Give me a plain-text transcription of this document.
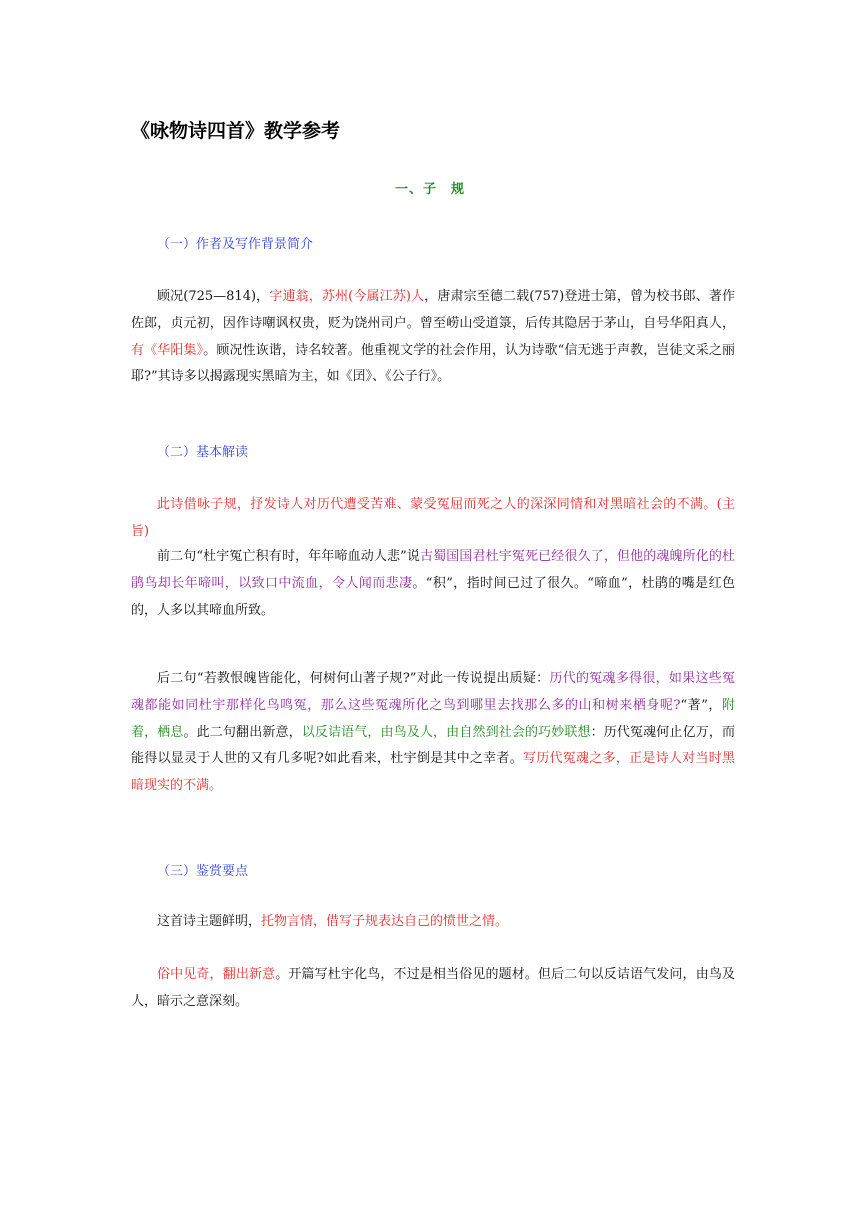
《咏物诗四首》教学参考
一、子　规
（一）作者及写作背景简介
顾况(725—814)，字逋翁，苏州(今属江苏)人，唐肃宗至德二载(757)登进士第，曾为校书郎、著作佐郎，贞元初，因作诗嘲讽权贵，贬为饶州司户。曾至崂山受道箓，后传其隐居于茅山，自号华阳真人，有《华阳集》。顾况性诙谐，诗名较著。他重视文学的社会作用，认为诗歌“信无逃于声教，岂徒文采之丽耶?”其诗多以揭露现实黑暗为主，如《囝》、《公子行》。
（二）基本解读
此诗借咏子规，抒发诗人对历代遭受苦难、蒙受冤屈而死之人的深深同情和对黑暗社会的不满。(主旨)
前二句“杜宇冤亡积有时，年年啼血动人悲”说古蜀国国君杜宇冤死已经很久了，但他的魂魄所化的杜鹃鸟却长年啼叫，以致口中流血，令人闻而悲凄。“积”，指时间已过了很久。“啼血”，杜鹃的嘴是红色的，人多以其啼血所致。
后二句“若教恨魄皆能化，何树何山著子规?”对此一传说提出质疑：历代的冤魂多得很，如果这些冤魂都能如同杜宇那样化鸟鸣冤，那么这些冤魂所化之鸟到哪里去找那么多的山和树来栖身呢?“著”，附着，栖息。此二句翻出新意，以反诘语气，由鸟及人，由自然到社会的巧妙联想：历代冤魂何止亿万，而能得以显灵于人世的又有几多呢?如此看来，杜宇倒是其中之幸者。写历代冤魂之多，正是诗人对当时黑暗现实的不满。
（三）鉴赏要点
这首诗主题鲜明，托物言情，借写子规表达自己的愤世之情。
俗中见奇，翻出新意。开篇写杜宇化鸟，不过是相当俗见的题材。但后二句以反诘语气发问，由鸟及人，暗示之意深刻。
